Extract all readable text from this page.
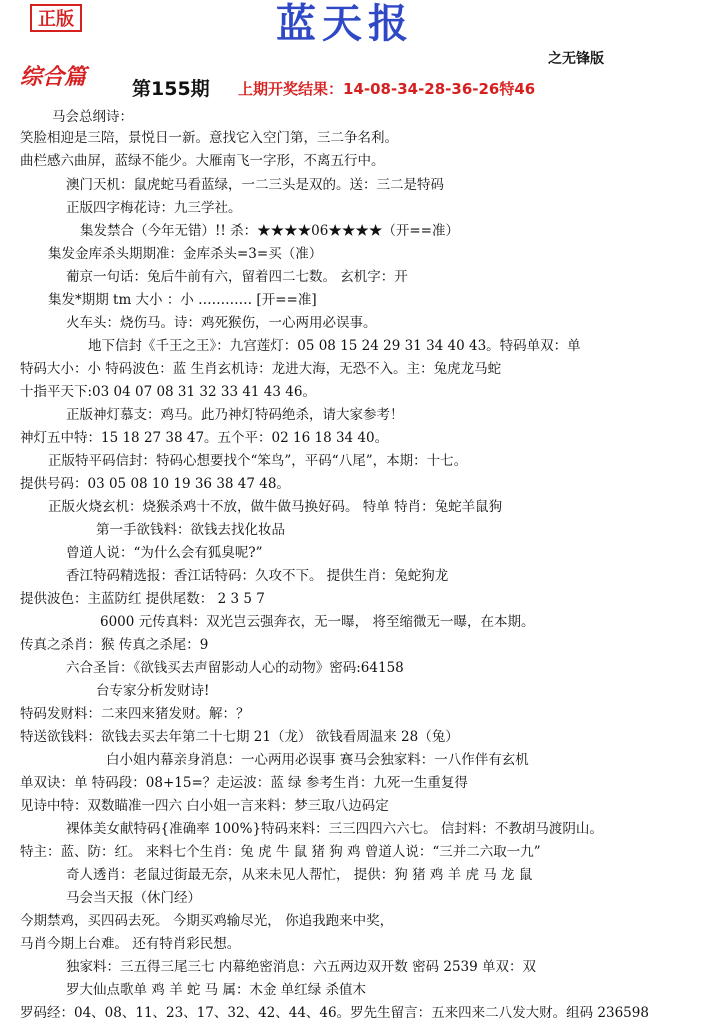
正版	蓝天报
之无锋版
综合篇 第155期 上期开奖结果：14-08-34-28-36-26特46
马会总纲诗：
笑脸相迎是三陪，景悦日一新。意找它入空门第，三二争名利。
曲栏感六曲屏，蓝绿不能少。大雁南飞一字形，不离五行中。
澳门天机：鼠虎蛇马看蓝绿，一二三头是双的。送：三二是特码
正版四字梅花诗：九三学社。
集发禁合（今年无错）!! 杀：★★★★06★★★★（开==准）
集发金库杀头期期准：金库杀头=3=买（准）
葡京一句话：兔后牛前有六，留着四二七数。 玄机字：开
集发*期期 tm 大小 ：小 ………… [开==准]
火车头：烧伤马。诗：鸡死猴伤，一心两用必误事。
地下信封《千王之王》：九宫莲灯：05 08 15 24 29 31 34 40 43。特码单双：单
特码大小：小 特码波色：蓝 生肖玄机诗：龙进大海，无恐不入。主：兔虎龙马蛇
十指平天下:03 04 07 08 31 32 33 41 43 46。
正版神灯慕支：鸡马。此乃神灯特码绝杀，请大家参考！
神灯五中特：15 18 27 38 47。五个平：02 16 18 34 40。
正版特平码信封：特码心想要找个“笨鸟”，平码“八尾”，本期：十七。
提供号码：03 05 08 10 19 36 38 47 48。
正版火烧玄机：烧猴杀鸡十不放，做牛做马换好码。 特单 特肖：兔蛇羊鼠狗
第一手欲钱料：欲钱去找化妆品
曾道人说：“为什么会有狐臭呢?”
香江特码精选报：香江话特码：久攻不下。 提供生肖：兔蛇狗龙
提供波色：主蓝防红 提供尾数： 2 3 5 7
6000 元传真料：双光岂云强奔衣，无一曝， 将至缩微无一曝，在本期。
传真之杀肖：猴 传真之杀尾：9
六合圣旨：《欲钱买去声留影动人心的动物》密码:64158
台专家分析发财诗!
特码发财料：二来四来猪发财。解：？
特送欲钱料：欲钱去买去年第二十七期 21（龙） 欲钱看周温来 28（兔）
白小姐内幕亲身消息：一心两用必误事 赛马会独家料：一八作伴有玄机
单双诀：单 特码段：08+15=？走运波：蓝 绿 参考生肖：九死一生重复得
见诗中特：双数瞄准一四六 白小姐一言来料：梦三取八边码定
裸体美女献特码{准确率 100%}特码来料：三三四四六六七。 信封料：不教胡马渡阴山。
特主：蓝、防：红。 来料七个生肖：兔 虎 牛 鼠 猪 狗 鸡 曾道人说：“三并二六取一九”
奇人透肖：老鼠过街最无奈，从来未见人帮忙， 提供：狗 猪 鸡 羊 虎 马 龙 鼠
马会当天报（休门经）
今期禁鸡，买四码去死。 今期买鸡输尽光， 你追我跑来中奖，
马肖今期上台难。 还有特肖彩民想。
独家料：三五得三尾三七 内幕绝密消息：六五两边双开数 密码 2539 单双：双
罗大仙点歌单 鸡 羊 蛇 马 属：木金 单红绿 杀值木
罗码经：04、08、11、23、17、32、42、44、46。罗先生留言：五来四来二八发大财。组码 236598
